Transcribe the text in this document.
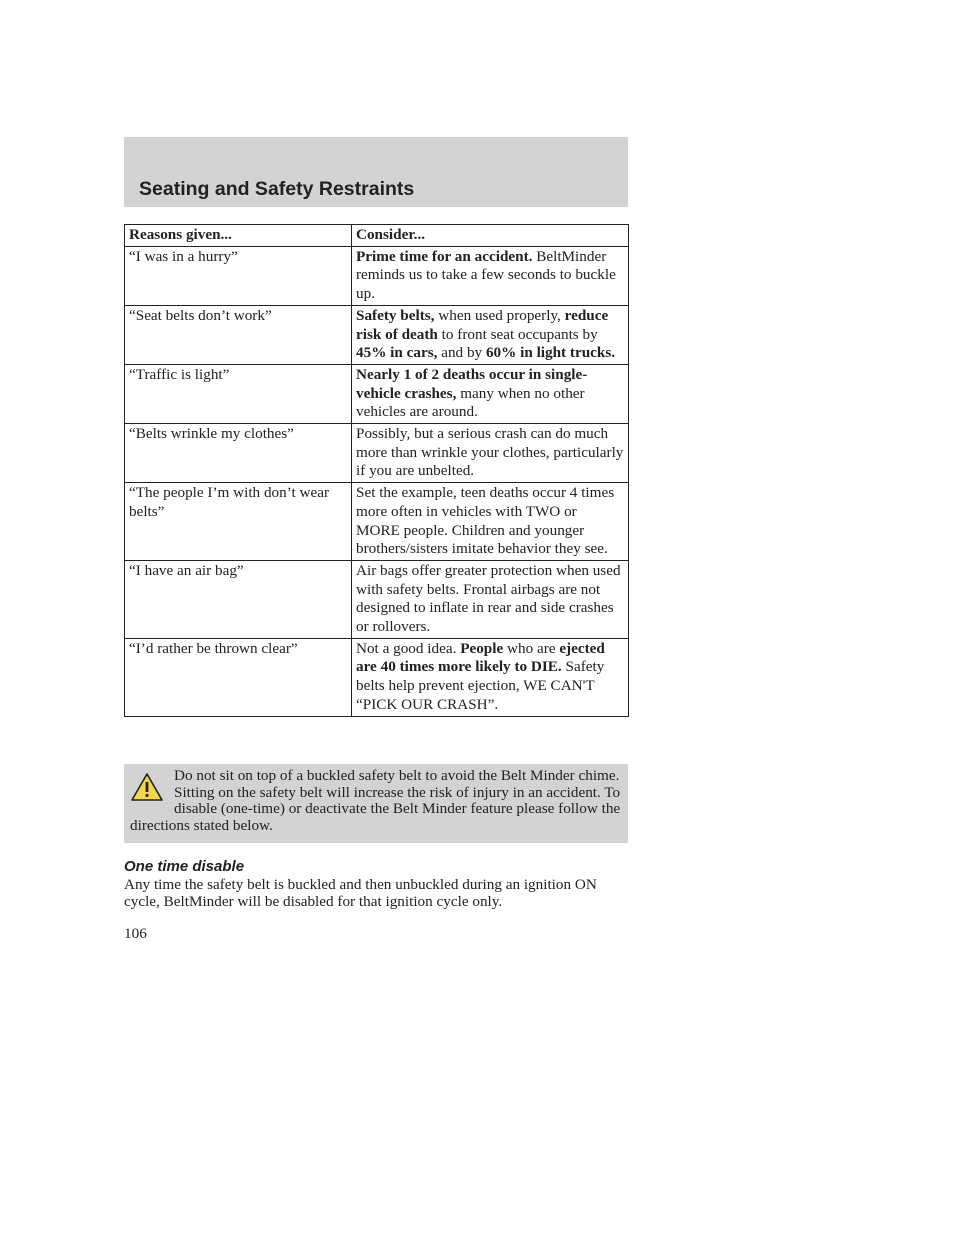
Seating and Safety Restraints
Reasons given...	Consider...
“I was in a hurry”	Prime time for an accident. BeltMinder reminds us to take a few seconds to buckle up.
“Seat belts don’t work”	Safety belts, when used properly, reduce risk of death to front seat occupants by 45% in cars, and by 60% in light trucks.
“Traffic is light”	Nearly 1 of 2 deaths occur in single-vehicle crashes, many when no other vehicles are around.
“Belts wrinkle my clothes”	Possibly, but a serious crash can do much more than wrinkle your clothes, particularly if you are unbelted.
“The people I’m with don’t wear belts”	Set the example, teen deaths occur 4 times more often in vehicles with TWO or MORE people. Children and younger brothers/sisters imitate behavior they see.
“I have an air bag”	Air bags offer greater protection when used with safety belts. Frontal airbags are not designed to inflate in rear and side crashes or rollovers.
“I’d rather be thrown clear”	Not a good idea. People who are ejected are 40 times more likely to DIE. Safety belts help prevent ejection, WE CAN'T “PICK OUR CRASH”.
Do not sit on top of a buckled safety belt to avoid the Belt Minder chime. Sitting on the safety belt will increase the risk of injury in an accident. To disable (one-time) or deactivate the Belt Minder feature please follow the directions stated below.
One time disable

Any time the safety belt is buckled and then unbuckled during an ignition ON cycle, BeltMinder will be disabled for that ignition cycle only.

106
